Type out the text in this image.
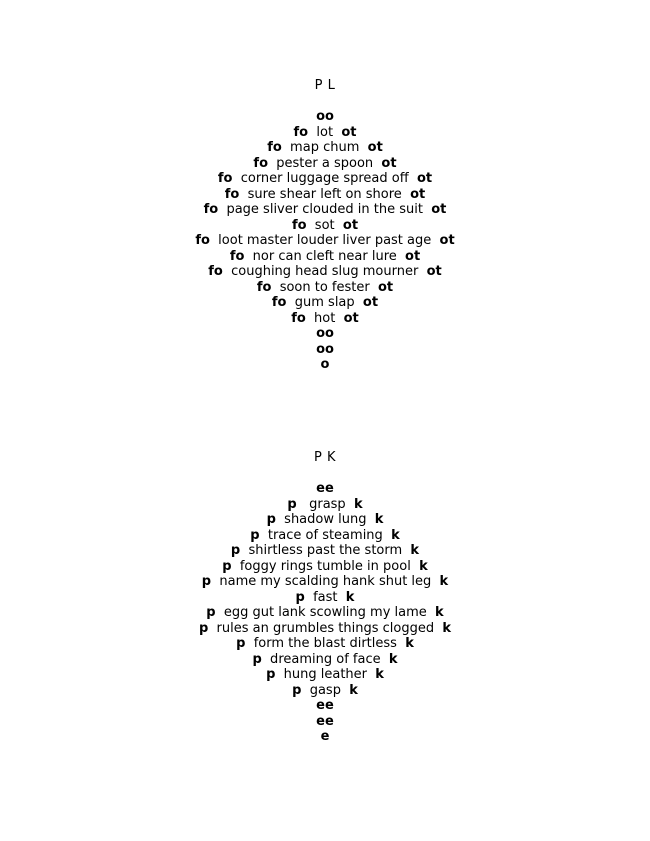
P L
oo
fo  lot  ot
fo  map chum  ot
fo  pester a spoon  ot
fo  corner luggage spread off  ot
fo  sure shear left on shore  ot
fo  page sliver clouded in the suit  ot
fo  sot  ot
fo  loot master louder liver past age  ot
fo  nor can cleft near lure  ot
fo  coughing head slug mourner  ot
fo  soon to fester  ot
fo  gum slap  ot
fo  hot  ot
oo
oo
o
P K
ee
p   grasp  k
p  shadow lung  k
p  trace of steaming  k
p  shirtless past the storm  k
p  foggy rings tumble in pool  k
p  name my scalding hank shut leg  k
p  fast  k
p  egg gut lank scowling my lame  k
p  rules an grumbles things clogged  k
p  form the blast dirtless  k
p  dreaming of face  k
p  hung leather  k
p  gasp  k
ee
ee
e
